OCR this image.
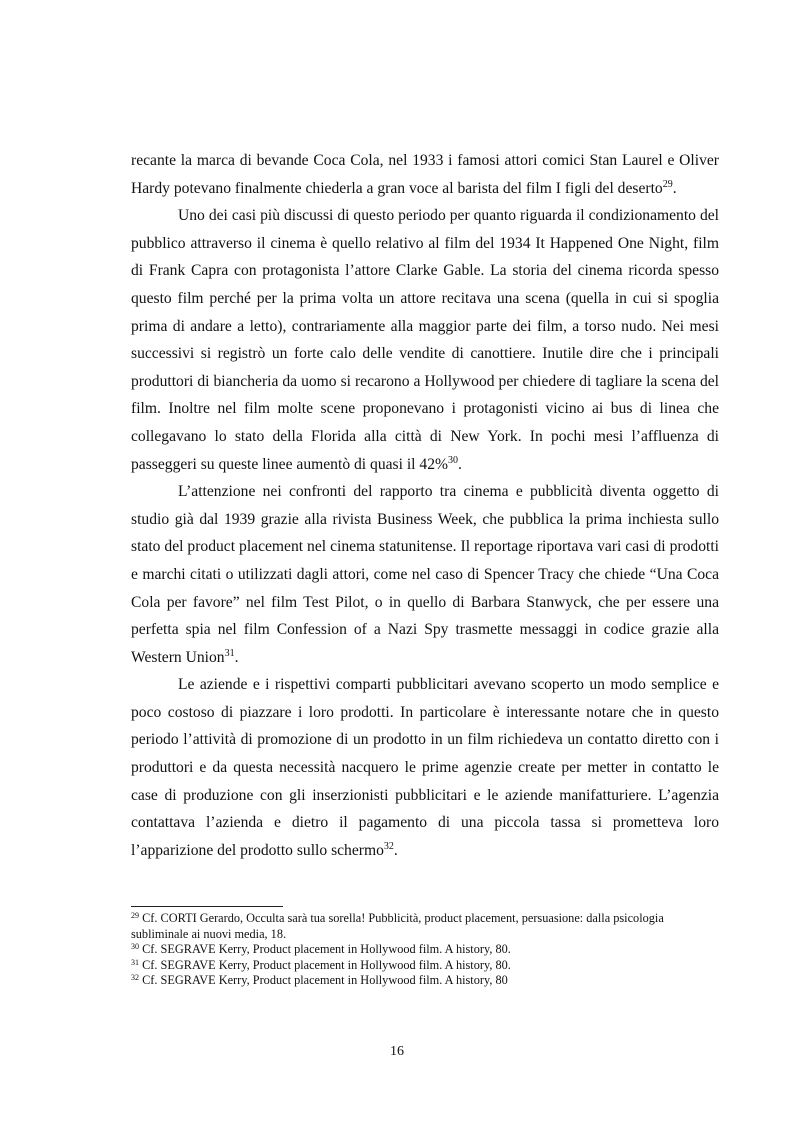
recante la marca di bevande Coca Cola, nel 1933 i famosi attori comici Stan Laurel e Oliver Hardy potevano finalmente chiederla a gran voce al barista del film I figli del deserto$^{29}$.

Uno dei casi più discussi di questo periodo per quanto riguarda il condizionamento del pubblico attraverso il cinema è quello relativo al film del 1934 It Happened One Night, film di Frank Capra con protagonista l’attore Clarke Gable. La storia del cinema ricorda spesso questo film perché per la prima volta un attore recitava una scena (quella in cui si spoglia prima di andare a letto), contrariamente alla maggior parte dei film, a torso nudo. Nei mesi successivi si registrò un forte calo delle vendite di canottiere. Inutile dire che i principali produttori di biancheria da uomo si recarono a Hollywood per chiedere di tagliare la scena del film. Inoltre nel film molte scene proponevano i protagonisti vicino ai bus di linea che collegavano lo stato della Florida alla città di New York. In pochi mesi l’affluenza di passeggeri su queste linee aumentò di quasi il 42%$^{30}$.

L’attenzione nei confronti del rapporto tra cinema e pubblicità diventa oggetto di studio già dal 1939 grazie alla rivista Business Week, che pubblica la prima inchiesta sullo stato del product placement nel cinema statunitense. Il reportage riportava vari casi di prodotti e marchi citati o utilizzati dagli attori, come nel caso di Spencer Tracy che chiede “Una Coca Cola per favore” nel film Test Pilot, o in quello di Barbara Stanwyck, che per essere una perfetta spia nel film Confession of a Nazi Spy trasmette messaggi in codice grazie alla Western Union$^{31}$.

Le aziende e i rispettivi comparti pubblicitari avevano scoperto un modo semplice e poco costoso di piazzare i loro prodotti. In particolare è interessante notare che in questo periodo l’attività di promozione di un prodotto in un film richiedeva un contatto diretto con i produttori e da questa necessità nacquero le prime agenzie create per metter in contatto le case di produzione con gli inserzionisti pubblicitari e le aziende manifatturiere. L’agenzia contattava l’azienda e dietro il pagamento di una piccola tassa si prometteva loro l’apparizione del prodotto sullo schermo$^{32}$.

$^{29}$ Cf. CORTI Gerardo, Occulta sarà tua sorella! Pubblicità, product placement, persuasione: dalla psicologia subliminale ai nuovi media, 18.

$^{30}$ Cf. SEGRAVE Kerry, Product placement in Hollywood film. A history, 80.

$^{31}$ Cf. SEGRAVE Kerry, Product placement in Hollywood film. A history, 80.

$^{32}$ Cf. SEGRAVE Kerry, Product placement in Hollywood film. A history, 80

16
